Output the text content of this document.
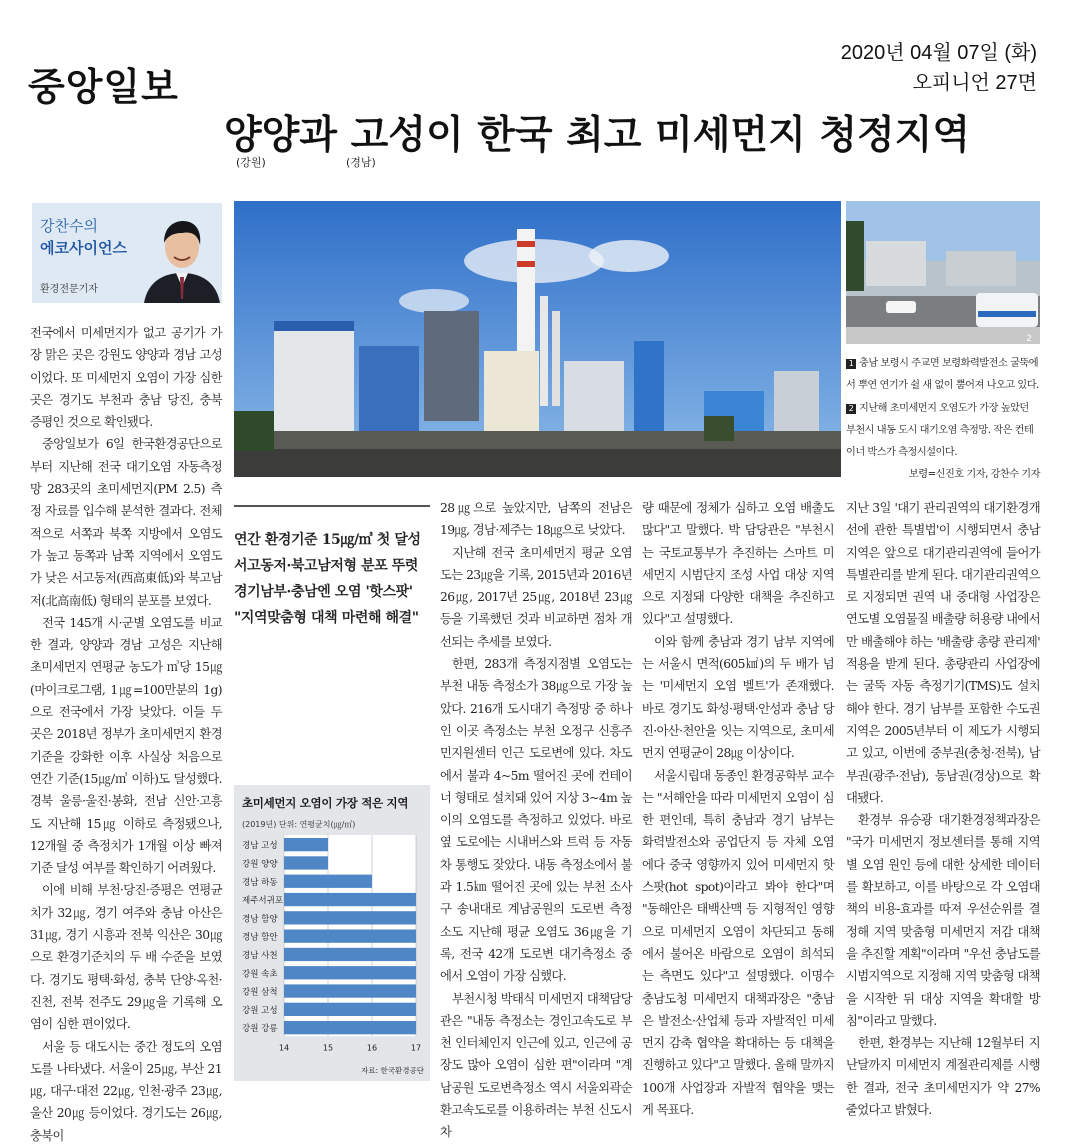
중앙일보
2020년 04월 07일 (화)
오피니언 27면
양양과 고성이 한국 최고 미세먼지 청정지역
(강원)	(경남)
강찬수의
에코사이언스
환경전문기자
2
1 충남 보령시 주교면 보령화력발전소 굴뚝에서 뿌연 연기가 쉴 새 없이 뿜어져 나오고 있다. 2 지난해 초미세먼지 오염도가 가장 높았던 부천시 내동 도시 대기오염 측정망. 작은 컨테이너 박스가 측정시설이다.
보령=신진호 기자, 강찬수 기자

전국에서 미세먼지가 없고 공기가 가장 맑은 곳은 강원도 양양과 경남 고성이었다. 또 미세먼지 오염이 가장 심한 곳은 경기도 부천과 충남 당진, 충북 증평인 것으로 확인됐다.

중앙일보가 6일 한국환경공단으로부터 지난해 전국 대기오염 자동측정망 283곳의 초미세먼지(PM 2.5) 측정 자료를 입수해 분석한 결과다. 전체적으로 서쪽과 북쪽 지방에서 오염도가 높고 동쪽과 남쪽 지역에서 오염도가 낮은 서고동저(西高東低)와 북고남저(北高南低) 형태의 분포를 보였다.

전국 145개 시·군별 오염도를 비교한 결과, 양양과 경남 고성은 지난해 초미세먼지 연평균 농도가 ㎥당 15㎍(마이크로그램, 1㎍=100만분의 1g)으로 전국에서 가장 낮았다. 이들 두 곳은 2018년 정부가 초미세먼지 환경기준을 강화한 이후 사실상 처음으로 연간 기준(15㎍/㎥ 이하)도 달성했다. 경북 울릉·울진·봉화, 전남 신안·고흥도 지난해 15㎍ 이하로 측정됐으나, 12개월 중 측정치가 1개월 이상 빠져 기준 달성 여부를 확인하기 어려웠다.

이에 비해 부천·당진·증평은 연평균치가 32㎍, 경기 여주와 충남 아산은 31㎍, 경기 시흥과 전북 익산은 30㎍으로 환경기준치의 두 배 수준을 보였다. 경기도 평택·화성, 충북 단양·옥천·진천, 전북 전주도 29㎍을 기록해 오염이 심한 편이었다.

서울 등 대도시는 중간 정도의 오염도를 나타냈다. 서울이 25㎍, 부산 21㎍, 대구·대전 22㎍, 인천·광주 23㎍, 울산 20㎍ 등이었다. 경기도는 26㎍, 충북이

연간 환경기준 15㎍/㎥ 첫 달성
서고동저·북고남저형 분포 뚜렷
경기남부·충남엔 오염 '핫스팟'
"지역맞춤형 대책 마련해 해결"
초미세먼지 오염이 가장 적은 지역
(2019년) 단위: 연평균치(㎍/㎥)
14	15	16	17
경남 고성
강원 양양
경남 하동
제주서귀포
경남 함양
경남 함안
경남 사천
강원 속초
강원 삼척
강원 고성
강원 강릉
자료: 한국환경공단

28㎍으로 높았지만, 남쪽의 전남은 19㎍, 경남·제주는 18㎍으로 낮았다.

지난해 전국 초미세먼지 평균 오염도는 23㎍을 기록, 2015년과 2016년 26㎍, 2017년 25㎍, 2018년 23㎍ 등을 기록했던 것과 비교하면 점차 개선되는 추세를 보였다.

한편, 283개 측정지점별 오염도는 부천 내동 측정소가 38㎍으로 가장 높았다. 216개 도시대기 측정망 중 하나인 이곳 측정소는 부천 오정구 신흥주민지원센터 인근 도로변에 있다. 차도에서 불과 4~5m 떨어진 곳에 컨테이너 형태로 설치돼 있어 지상 3~4m 높이의 오염도를 측정하고 있었다. 바로 옆 도로에는 시내버스와 트럭 등 자동차 통행도 잦았다. 내동 측정소에서 불과 1.5㎞ 떨어진 곳에 있는 부천 소사구 송내대로 계남공원의 도로변 측정소도 지난해 평균 오염도 36㎍을 기록, 전국 42개 도로변 대기측정소 중에서 오염이 가장 심했다.

부천시청 박태식 미세먼지 대책담당관은 "내동 측정소는 경인고속도로 부천 인터체인지 인근에 있고, 인근에 공장도 많아 오염이 심한 편"이라며 "계남공원 도로변측정소 역시 서울외곽순환고속도로를 이용하려는 부천 신도시 차

량 때문에 정체가 심하고 오염 배출도 많다"고 말했다. 박 담당관은 "부천시는 국토교통부가 추진하는 스마트 미세먼지 시범단지 조성 사업 대상 지역으로 지정돼 다양한 대책을 추진하고 있다"고 설명했다.

이와 함께 충남과 경기 남부 지역에는 서울시 면적(605㎢)의 두 배가 넘는 '미세먼지 오염 벨트'가 존재했다. 바로 경기도 화성·평택·안성과 충남 당진·아산·천안을 잇는 지역으로, 초미세먼지 연평균이 28㎍ 이상이다.

서울시립대 동종인 환경공학부 교수는 "서해안을 따라 미세먼지 오염이 심한 편인데, 특히 충남과 경기 남부는 화력발전소와 공업단지 등 자체 오염에다 중국 영향까지 있어 미세먼지 핫스팟(hot spot)이라고 봐야 한다"며 "동해안은 태백산맥 등 지형적인 영향으로 미세먼지 오염이 차단되고 동해에서 불어온 바람으로 오염이 희석되는 측면도 있다"고 설명했다. 이명수 충남도청 미세먼지 대책과장은 "충남은 발전소·산업체 등과 자발적인 미세먼지 감축 협약을 확대하는 등 대책을 진행하고 있다"고 말했다. 올해 말까지 100개 사업장과 자발적 협약을 맺는 게 목표다.

지난 3일 '대기 관리권역의 대기환경개선에 관한 특별법'이 시행되면서 충남지역은 앞으로 대기관리권역에 들어가 특별관리를 받게 된다. 대기관리권역으로 지정되면 권역 내 중대형 사업장은 연도별 오염물질 배출량 허용량 내에서만 배출해야 하는 '배출량 총량 관리제' 적용을 받게 된다. 총량관리 사업장에는 굴뚝 자동 측정기기(TMS)도 설치해야 한다. 경기 남부를 포함한 수도권 지역은 2005년부터 이 제도가 시행되고 있고, 이번에 중부권(충청·전북), 남부권(광주·전남), 동남권(경상)으로 확대됐다.

환경부 유승광 대기환경정책과장은 "국가 미세먼지 정보센터를 통해 지역별 오염 원인 등에 대한 상세한 데이터를 확보하고, 이를 바탕으로 각 오염대책의 비용-효과를 따져 우선순위를 결정해 지역 맞춤형 미세먼지 저감 대책을 추진할 계획"이라며 "우선 충남도를 시범지역으로 지정해 지역 맞춤형 대책을 시작한 뒤 대상 지역을 확대할 방침"이라고 말했다.

한편, 환경부는 지난해 12월부터 지난달까지 미세먼지 계절관리제를 시행한 결과, 전국 초미세먼지가 약 27% 줄었다고 밝혔다.
